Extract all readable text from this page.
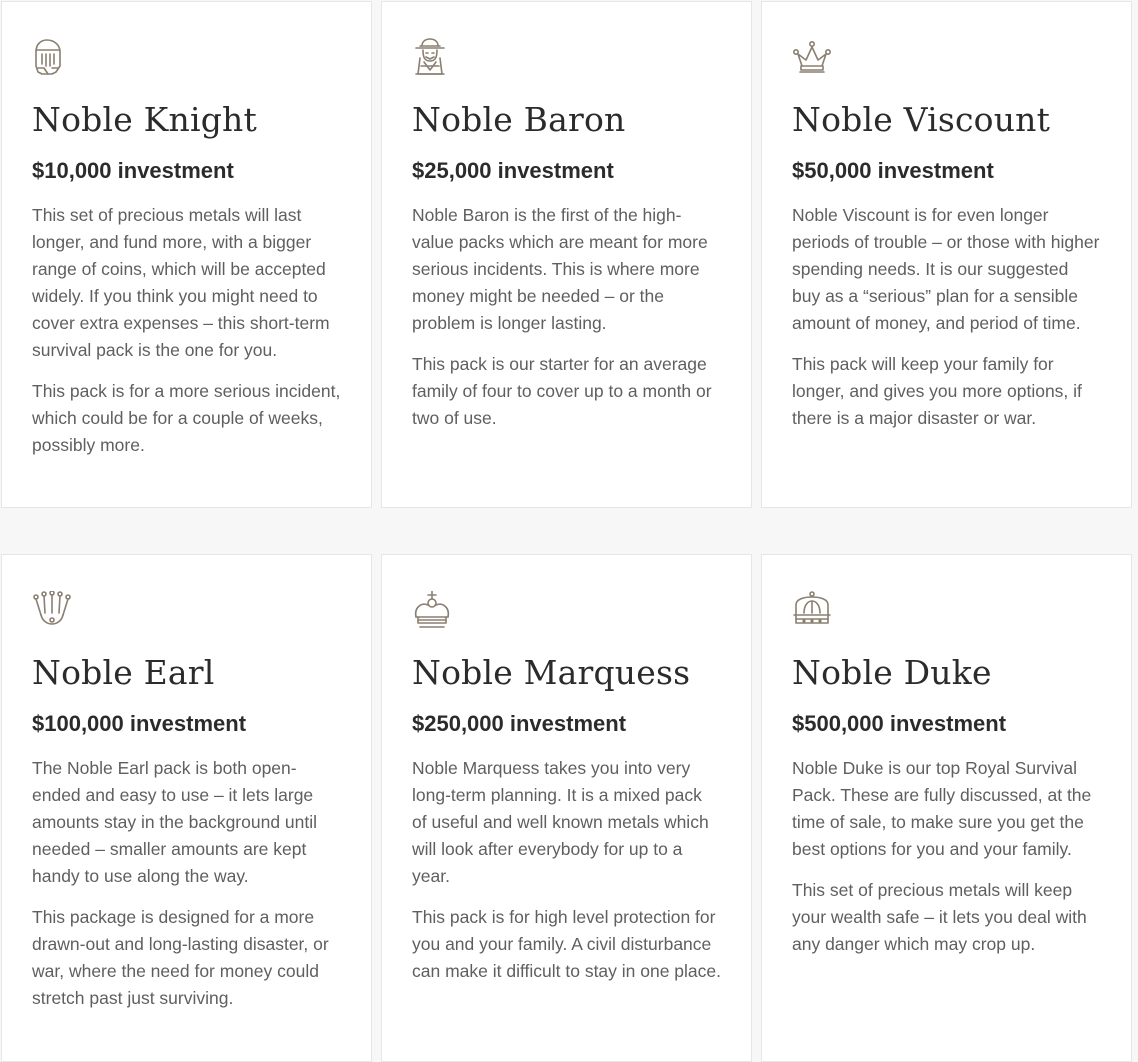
Noble Knight
$10,000 investment

This set of precious metals will last longer, and fund more, with a bigger range of coins, which will be accepted widely. If you think you might need to cover extra expenses – this short-term survival pack is the one for you.

This pack is for a more serious incident, which could be for a couple of weeks, possibly more.

Noble Baron
$25,000 investment

Noble Baron is the first of the high-value packs which are meant for more serious incidents. This is where more money might be needed – or the problem is longer lasting.

This pack is our starter for an average family of four to cover up to a month or two of use.

Noble Viscount
$50,000 investment

Noble Viscount is for even longer periods of trouble – or those with higher spending needs. It is our suggested buy as a “serious” plan for a sensible amount of money, and period of time.

This pack will keep your family for longer, and gives you more options, if there is a major disaster or war.

Noble Earl
$100,000 investment

The Noble Earl pack is both open-ended and easy to use – it lets large amounts stay in the background until needed – smaller amounts are kept handy to use along the way.

This package is designed for a more drawn-out and long-lasting disaster, or war, where the need for money could stretch past just surviving.

Noble Marquess
$250,000 investment

Noble Marquess takes you into very long-term planning. It is a mixed pack of useful and well known metals which will look after everybody for up to a year.

This pack is for high level protection for you and your family. A civil disturbance can make it difficult to stay in one place.

Noble Duke
$500,000 investment

Noble Duke is our top Royal Survival Pack. These are fully discussed, at the time of sale, to make sure you get the best options for you and your family.

This set of precious metals will keep your wealth safe – it lets you deal with any danger which may crop up.
